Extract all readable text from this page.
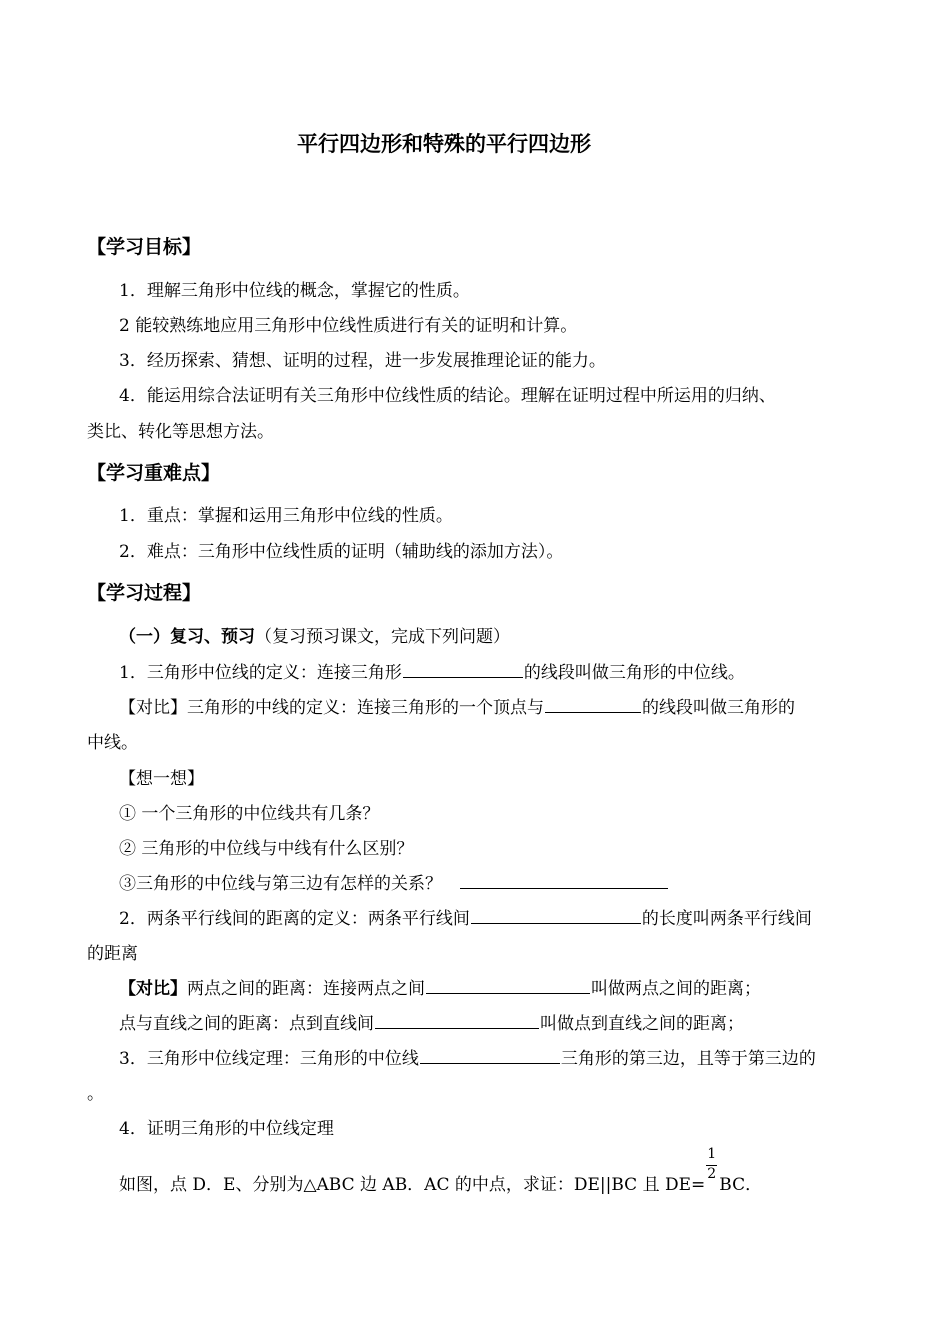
平行四边形和特殊的平行四边形
【学习目标】
1．理解三角形中位线的概念，掌握它的性质。
2 能较熟练地应用三角形中位线性质进行有关的证明和计算。
3．经历探索、猜想、证明的过程，进一步发展推理论证的能力。
4．能运用综合法证明有关三角形中位线性质的结论。理解在证明过程中所运用的归纳、
类比、转化等思想方法。
【学习重难点】
1．重点：掌握和运用三角形中位线的性质。
2．难点：三角形中位线性质的证明（辅助线的添加方法）。
【学习过程】
（一）复习、预习（复习预习课文，完成下列问题）
1．三角形中位线的定义：连接三角形	的线段叫做三角形的中位线。
【对比】三角形的中线的定义：连接三角形的一个顶点与	的线段叫做三角形的
中线。
【想一想】
① 一个三角形的中位线共有几条？
② 三角形的中位线与中线有什么区别？
③三角形的中位线与第三边有怎样的关系？
2．两条平行线间的距离的定义：两条平行线间	的长度叫两条平行线间
的距离
【对比】两点之间的距离：连接两点之间	叫做两点之间的距离；
点与直线之间的距离：点到直线间	叫做点到直线之间的距离；
3．三角形中位线定理：三角形的中位线	三角形的第三边，且等于第三边的
。
4．证明三角形的中位线定理
如图，点 D．E、分别为△ABC 边 AB．AC 的中点，求证：DE||BC 且 $DE= \frac{1}{2}$ BC．
